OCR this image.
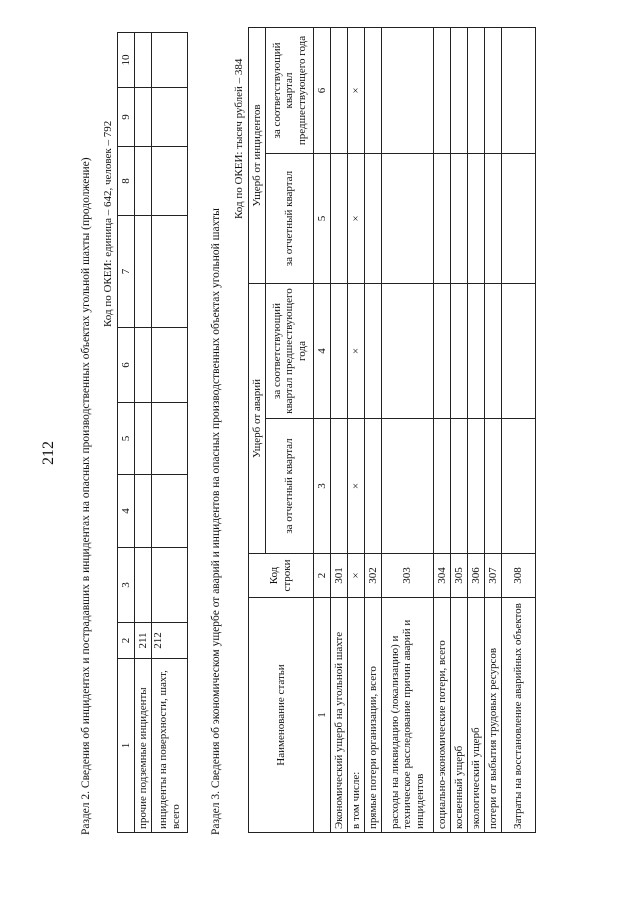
212 Раздел 2. Сведения об инцидентах и пострадавших в инцидентах на опасных производственных объектах угольной шахты (продолжение) Код по ОКЕИ: единица – 642, человек – 792
1	2	3	4	5	6	7	8	9	10
прочие подземные инциденты	211								
инциденты на поверхности, шахт, всего	212									Раздел 3. Сведения об экономическом ущербе от аварий и инцидентов на опасных производственных объектах угольной шахты
Код по ОКЕИ: тысяч рублей – 384
Наименование статьи	Код строки	Ущерб от аварий		Ущерб от инцидентов	
		за отчетный квартал	за соответствующий квартал предшествующего года	за отчетный квартал	за соответствующий квартал предшествующего года

1	2	3	4	5	6
Экономический ущерб на угольной шахте	301				
в том числе:	×	×	×	×	×
прямые потери организации, всего	302				
расходы на ликвидацию (локализацию) и техническое расследование причин аварий и инцидентов	303				
социально-экономические потери, всего	304				
косвенный ущерб	305				
экологический ущерб	306				
потери от выбытия трудовых ресурсов	307				
Затраты на восстановление аварийных объектов	308				
